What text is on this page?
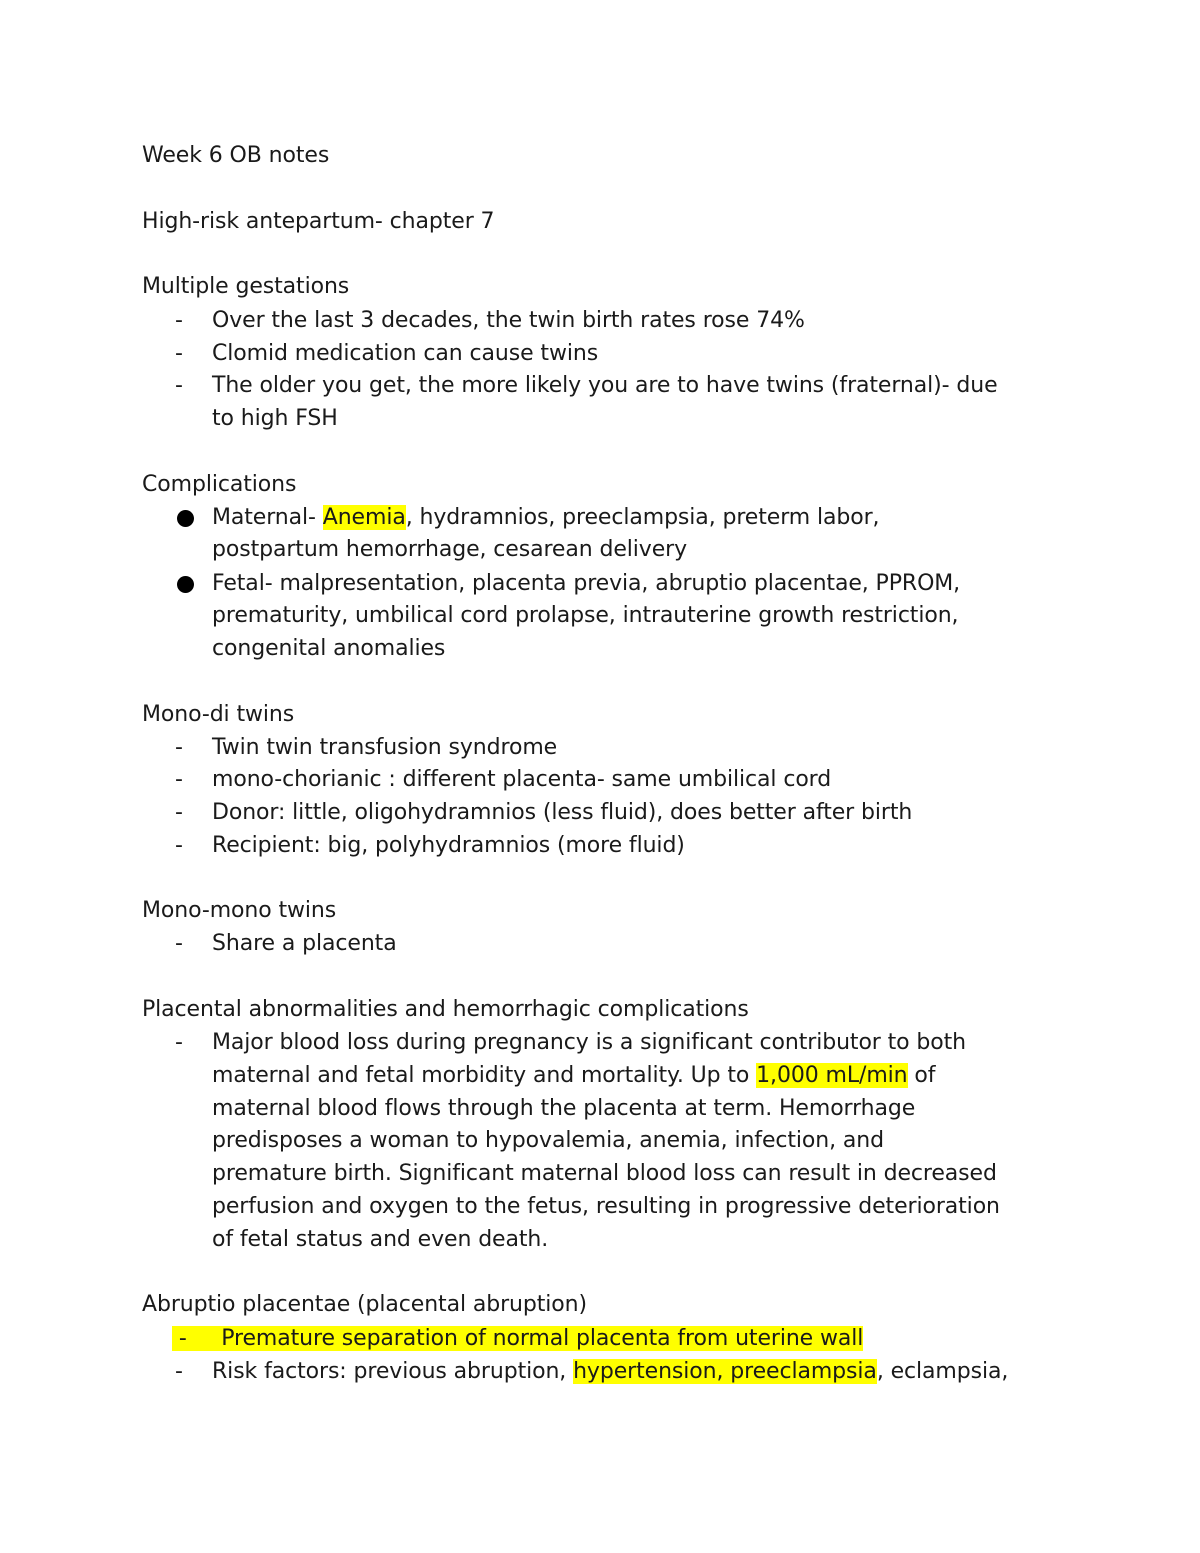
Week 6 OB notes
High-risk antepartum- chapter 7
Multiple gestations
- Over the last 3 decades, the twin birth rates rose 74%
- Clomid medication can cause twins
- The older you get, the more likely you are to have twins (fraternal)- due
to high FSH
Complications
Maternal- Anemia, hydramnios, preeclampsia, preterm labor,
postpartum hemorrhage, cesarean delivery
Fetal- malpresentation, placenta previa, abruptio placentae, PPROM,
prematurity, umbilical cord prolapse, intrauterine growth restriction,
congenital anomalies
Mono-di twins
- Twin twin transfusion syndrome
- mono-chorianic : different placenta- same umbilical cord
- Donor: little, oligohydramnios (less fluid), does better after birth
- Recipient: big, polyhydramnios (more fluid)
Mono-mono twins
- Share a placenta
Placental abnormalities and hemorrhagic complications
- Major blood loss during pregnancy is a significant contributor to both
maternal and fetal morbidity and mortality. Up to 1,000 mL/min of
maternal blood flows through the placenta at term. Hemorrhage
predisposes a woman to hypovalemia, anemia, infection, and
premature birth. Significant maternal blood loss can result in decreased
perfusion and oxygen to the fetus, resulting in progressive deterioration
of fetal status and even death.
Abruptio placentae (placental abruption)
- Premature separation of normal placenta from uterine wall
- Risk factors: previous abruption, hypertension, preeclampsia, eclampsia,
